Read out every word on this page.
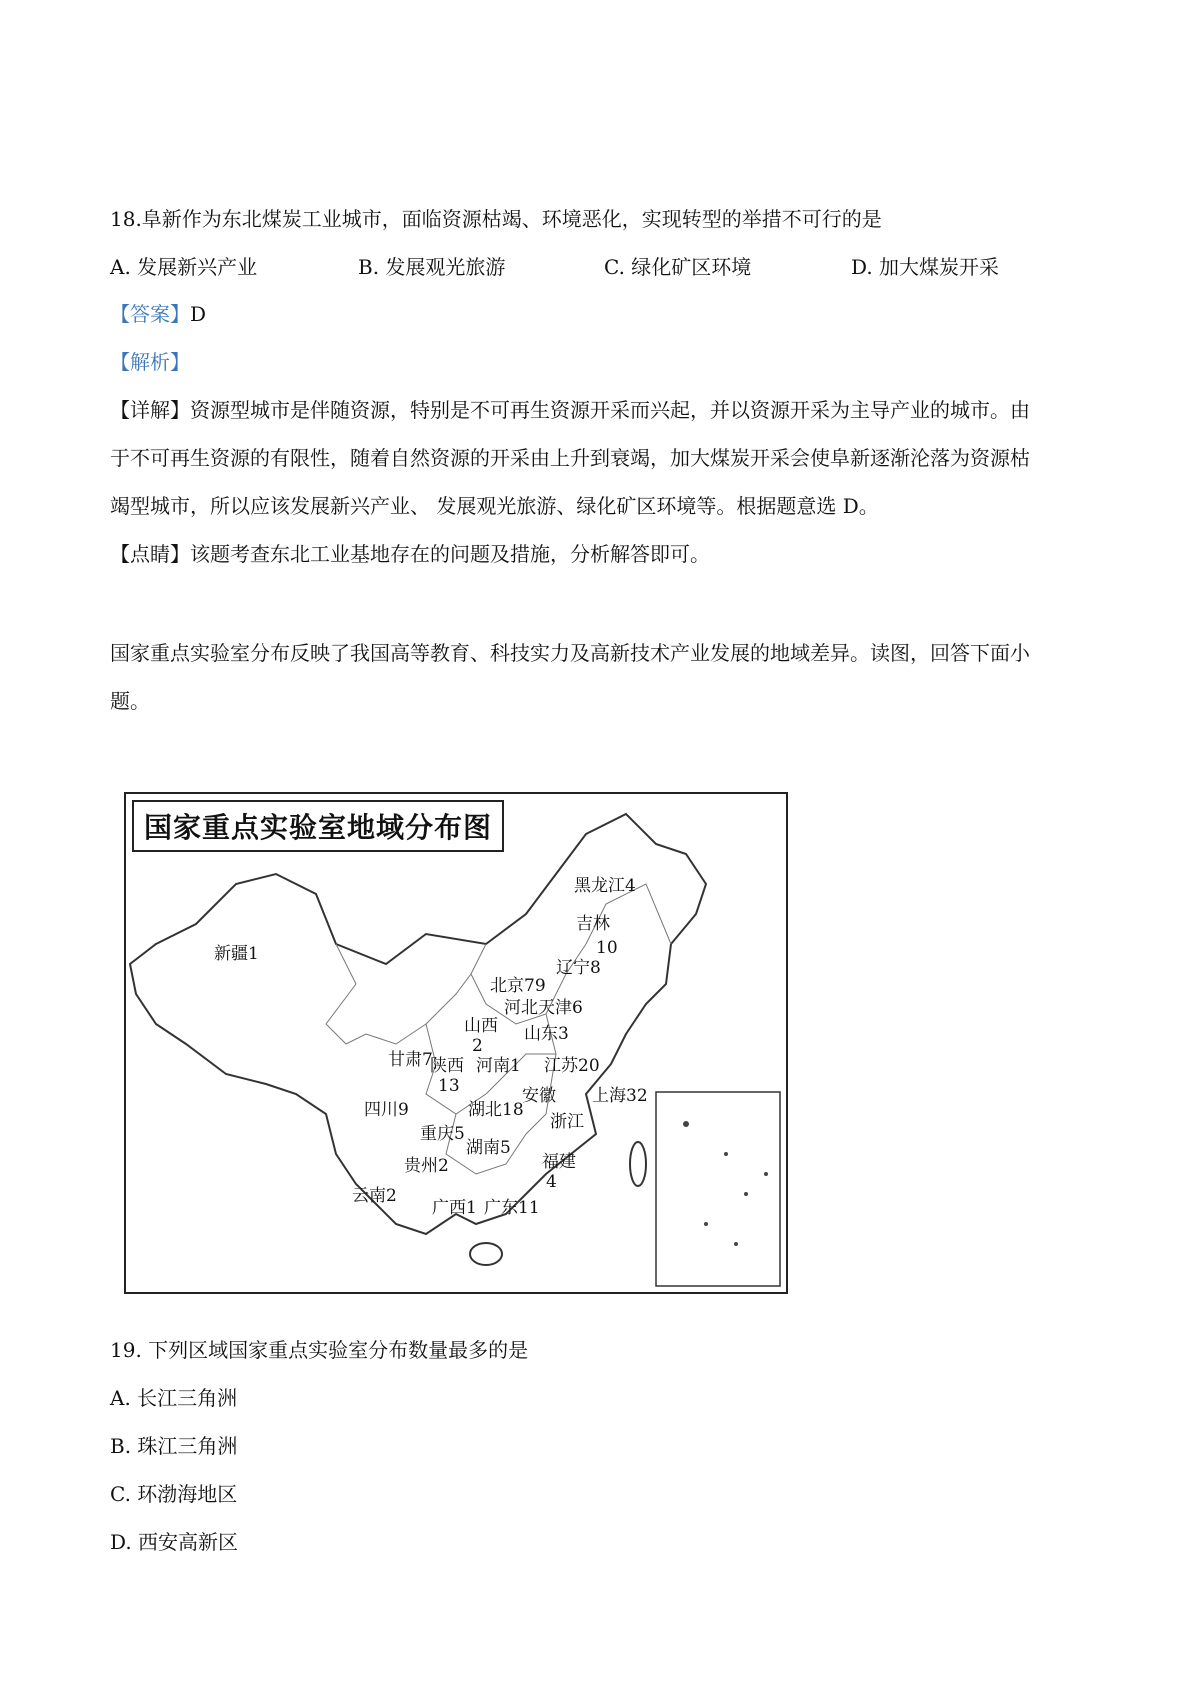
18.阜新作为东北煤炭工业城市，面临资源枯竭、环境恶化，实现转型的举措不可行的是
A. 发展新兴产业	B. 发展观光旅游	C. 绿化矿区环境	D. 加大煤炭开采
【答案】D
【解析】
【详解】资源型城市是伴随资源，特别是不可再生资源开采而兴起，并以资源开采为主导产业的城市。由
于不可再生资源的有限性，随着自然资源的开采由上升到衰竭，加大煤炭开采会使阜新逐渐沦落为资源枯
竭型城市，所以应该发展新兴产业、 发展观光旅游、绿化矿区环境等。根据题意选 D。
【点睛】该题考查东北工业基地存在的问题及措施，分析解答即可。
国家重点实验室分布反映了我国高等教育、科技实力及高新技术产业发展的地域差异。读图，回答下面小
题。
国家重点实验室地域分布图
黑龙江4
吉林
10
辽宁8
新疆1
北京79
河北 天津6
山西
2
山东3
甘肃7
陕西
13
河南1 江苏20
安徽 上海32
四川9	湖北18
浙江
重庆5
湖南5
贵州2	福建
4
云南2
广西1 广东11
19. 下列区域国家重点实验室分布数量最多的是
A. 长江三角洲
B. 珠江三角洲
C. 环渤海地区
D. 西安高新区
